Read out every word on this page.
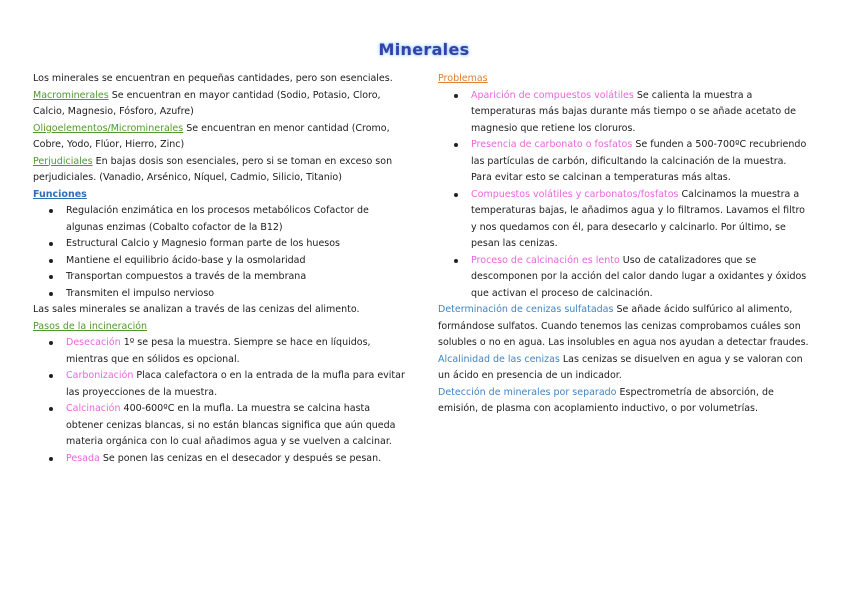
Minerales

Los minerales se encuentran en pequeñas cantidades, pero son esenciales.

Macrominerales Se encuentran en mayor cantidad (Sodio, Potasio, Cloro, Calcio, Magnesio, Fósforo, Azufre)

Oligoelementos/Microminerales Se encuentran en menor cantidad (Cromo, Cobre, Yodo, Flúor, Hierro, Zinc)

Perjudiciales En bajas dosis son esenciales, pero si se toman en exceso son perjudiciales. (Vanadio, Arsénico, Níquel, Cadmio, Silicio, Titanio)

Funciones

Regulación enzimática en los procesos metabólicos Cofactor de algunas enzimas (Cobalto cofactor de la B12)
Estructural Calcio y Magnesio forman parte de los huesos
Mantiene el equilibrio ácido-base y la osmolaridad
Transportan compuestos a través de la membrana
Transmiten el impulso nervioso

Las sales minerales se analizan a través de las cenizas del alimento.

Pasos de la incineración

Desecación 1º se pesa la muestra. Siempre se hace en líquidos, mientras que en sólidos es opcional.
Carbonización Placa calefactora o en la entrada de la mufla para evitar las proyecciones de la muestra.
Calcinación 400-600ºC en la mufla. La muestra se calcina hasta obtener cenizas blancas, si no están blancas significa que aún queda materia orgánica con lo cual añadimos agua y se vuelven a calcinar.
Pesada Se ponen las cenizas en el desecador y después se pesan.

Problemas

Aparición de compuestos volátiles Se calienta la muestra a temperaturas más bajas durante más tiempo o se añade acetato de magnesio que retiene los cloruros.
Presencia de carbonato o fosfatos Se funden a 500-700ºC recubriendo las partículas de carbón, dificultando la calcinación de la muestra. Para evitar esto se calcinan a temperaturas más altas.
Compuestos volátiles y carbonatos/fosfatos Calcinamos la muestra a temperaturas bajas, le añadimos agua y lo filtramos. Lavamos el filtro y nos quedamos con él, para desecarlo y calcinarlo. Por último, se pesan las cenizas.
Proceso de calcinación es lento Uso de catalizadores que se descomponen por la acción del calor dando lugar a oxidantes y óxidos que activan el proceso de calcinación.

Determinación de cenizas sulfatadas Se añade ácido sulfúrico al alimento, formándose sulfatos. Cuando tenemos las cenizas comprobamos cuáles son solubles o no en agua. Las insolubles en agua nos ayudan a detectar fraudes.

Alcalinidad de las cenizas Las cenizas se disuelven en agua y se valoran con un ácido en presencia de un indicador.

Detección de minerales por separado Espectrometría de absorción, de emisión, de plasma con acoplamiento inductivo, o por volumetrías.
